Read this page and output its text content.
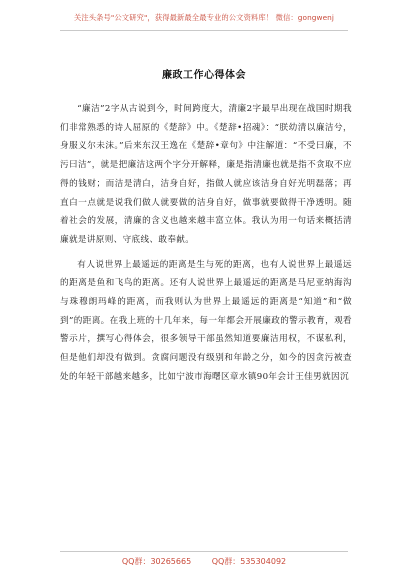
关注头条号"公文研究"，获得最新最全最专业的公文资料库！ 微信：gongwenj
廉政工作心得体会

“廉洁”2字从古说到今，时间跨度大，清廉2字最早出现在战国时期我们非常熟悉的诗人屈原的《楚辞》中。《楚辞•招魂》：“朕幼清以廉洁兮，身服义尔未沫。”后来东汉王逸在《楚辞•章句》中注解道：“不受曰廉，不污曰洁”，就是把廉洁这两个字分开解释，廉是指清廉也就是指不贪取不应得的钱财；而洁是清白，洁身自好，指做人就应该洁身自好光明磊落；再直白一点就是说我们做人就要做的洁身自好，做事就要做得干净透明。随着社会的发展，清廉的含义也越来越丰富立体。我认为用一句话来概括清廉就是讲原则、守底线、敢奉献。

有人说世界上最遥远的距离是生与死的距离，也有人说世界上最遥远的距离是鱼和飞鸟的距离。还有人说世界上最遥远的距离是马尼亚纳海沟与珠穆朗玛峰的距离，而我则认为世界上最遥远的距离是“知道”和“做到”的距离。在我上班的十几年来，每一年都会开展廉政的警示教育，观看警示片，撰写心得体会，很多领导干部虽然知道要廉洁用权，不谋私利，但是他们却没有做到。贪腐问题没有级别和年龄之分，如今的因贪污被查处的年轻干部越来越多，比如宁波市海曙区章水镇90年会计王佳男就因沉

QQ群：30265665	QQ群：535304092
